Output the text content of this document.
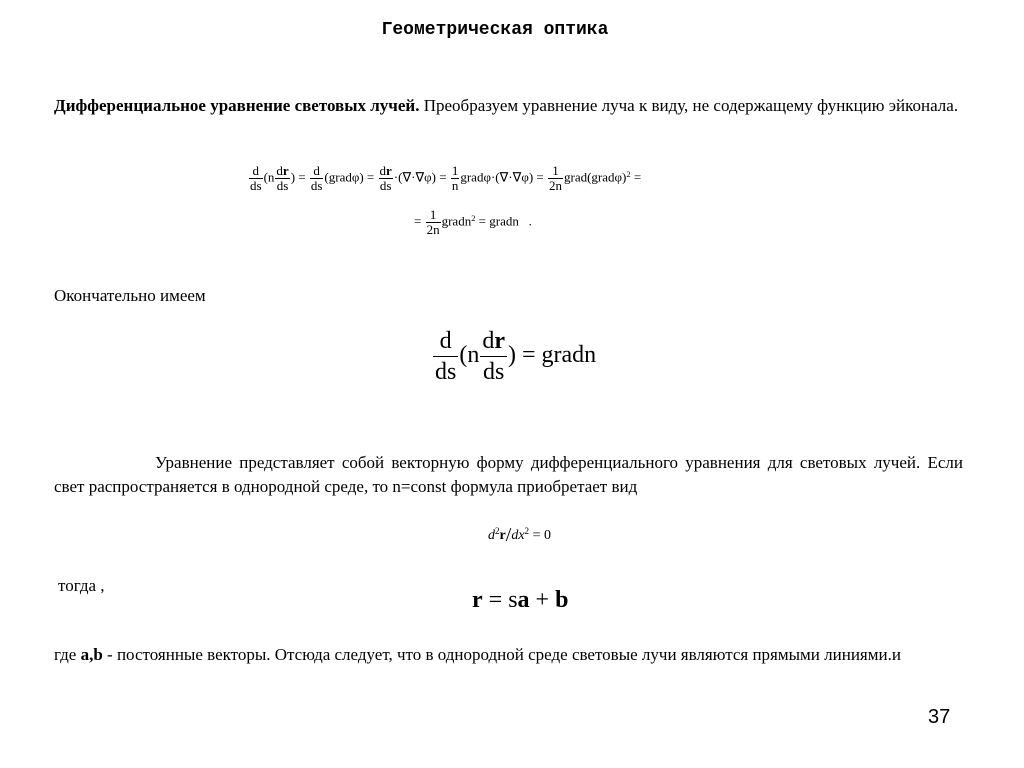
Геометрическая оптика
Дифференциальное уравнение световых лучей. Преобразуем уравнение луча к виду, не содержащему функцию эйконала.
$\frac{d}{ds} (n \frac{dr}{ds}$ ) = $\frac{d}{ds}$ (gradφ) = $\frac{dr}{ds} \cdot(\nabla\cdot\nabla\varphi) = \frac{1}{n}$ gradφ·(∇·∇φ) = $\frac{1}{2n}$ grad(gradφ)$^2$ =
= $\frac{1}{2n}$ gradn$^2$ = gradn   .
Окончательно имеем
$\frac{d}{ds} (n \frac{dr}{ds}$ ) = gradn
Уравнение представляет собой векторную форму дифференциального уравнения для световых лучей. Если свет распространяется в однородной среде, то n=const формула приобретает вид
$d^2r/dx^2 = 0$
тогда ,
r = sa + b
где a,b - постоянные векторы. Отсюда следует, что в однородной среде световые лучи являются прямыми линиями.и
37
